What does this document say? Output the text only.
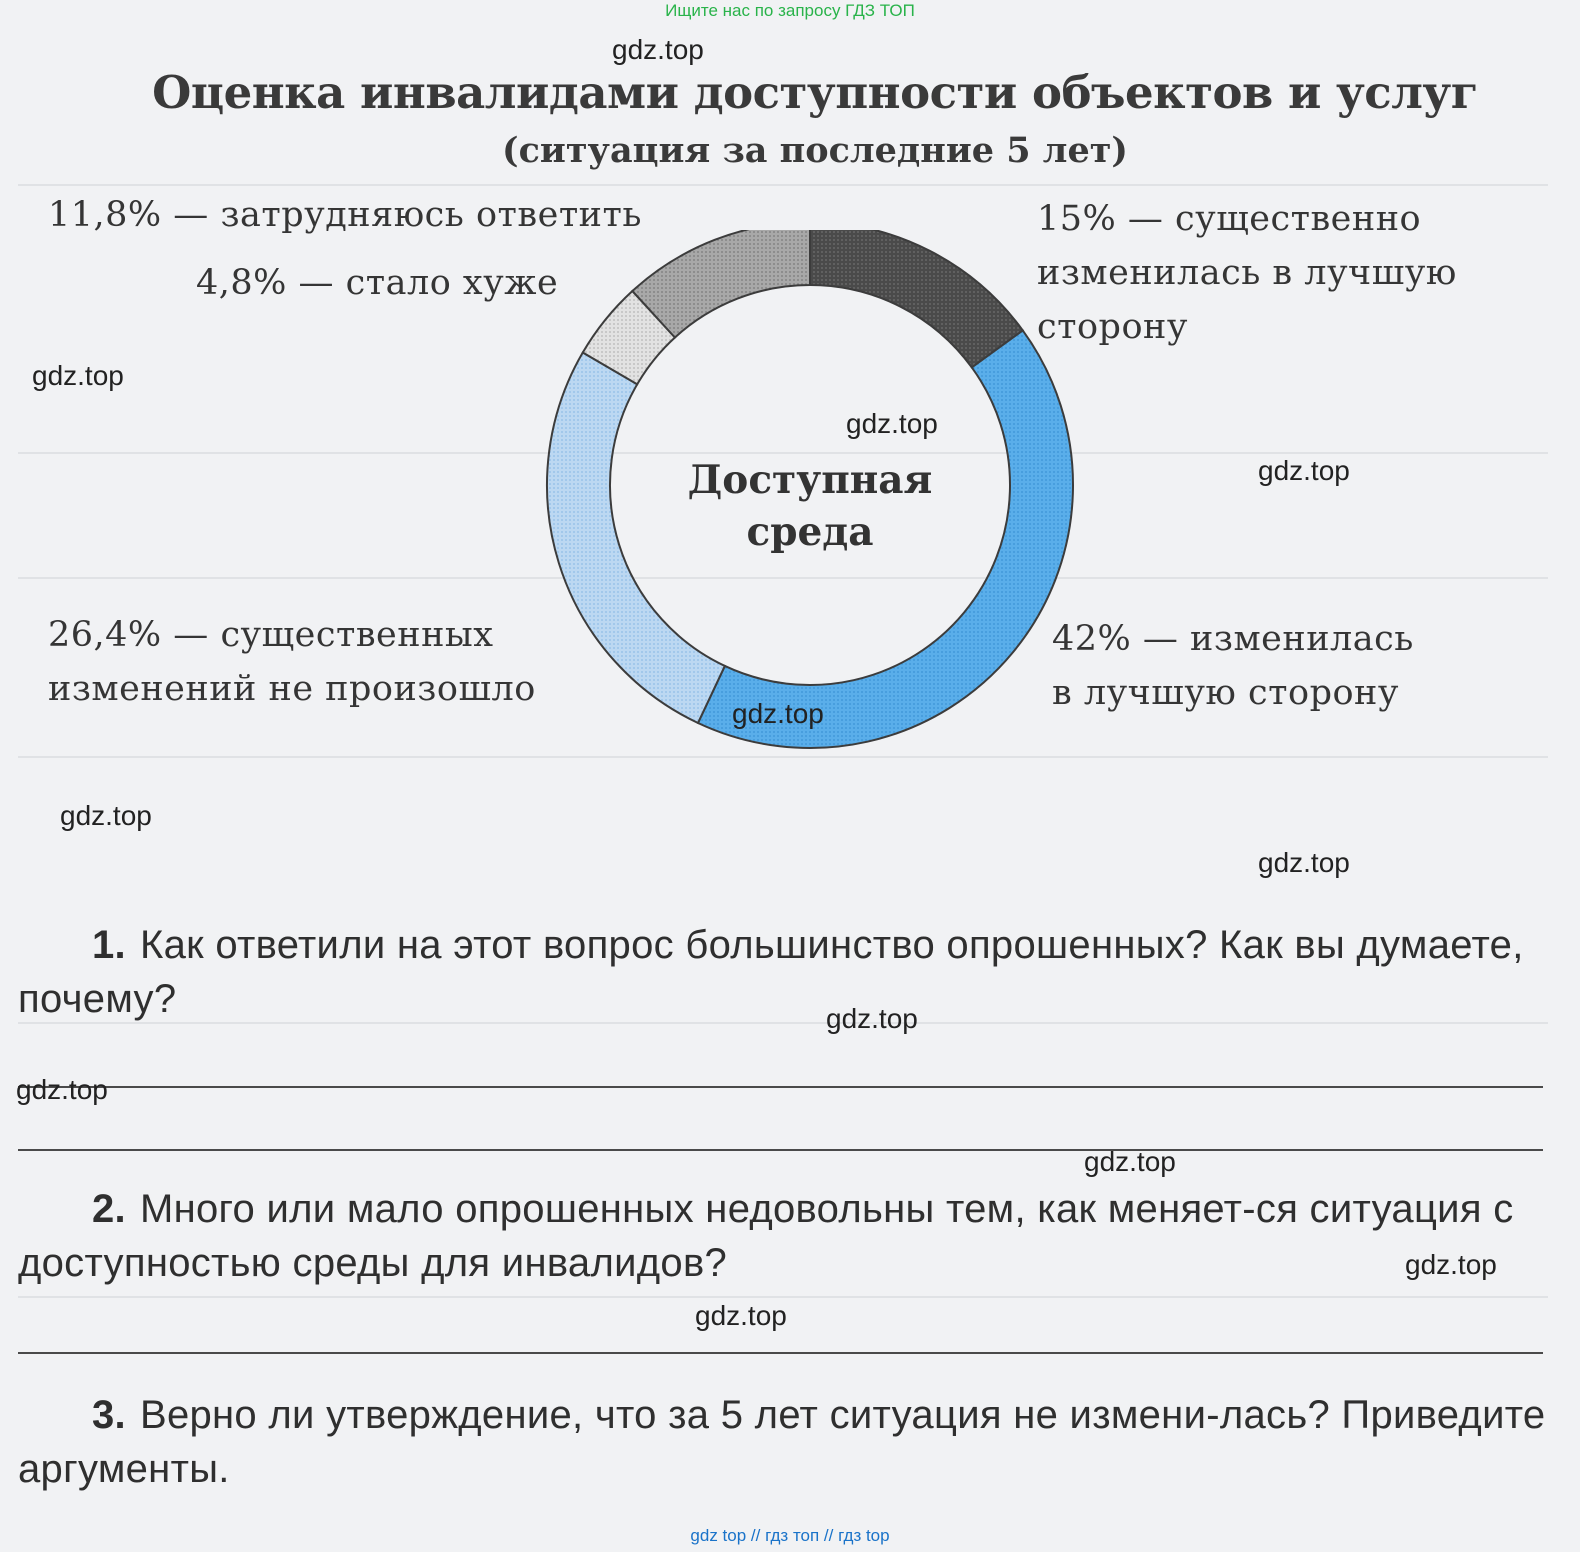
Ищите нас по запросу ГДЗ ТОП
Оценка инвалидами доступности объектов и услуг
(ситуация за последние 5 лет)
Доступная
среда
15% — существенно
изменилась в лучшую
сторону
42% — изменилась
в лучшую сторону
26,4% — существенных
изменений не произошло
4,8% — стало хуже
11,8% — затрудняюсь ответить
1. Как ответили на этот вопрос большинство опрошенных? Как вы думаете, почему?
2. Много или мало опрошенных недовольны тем, как меняет-ся ситуация с доступностью среды для инвалидов?
3. Верно ли утверждение, что за 5 лет ситуация не измени-лась? Приведите аргументы.
gdz.top
gdz.top
gdz.top
gdz.top
gdz.top
gdz.top
gdz.top
gdz.top
gdz.top
gdz.top
gdz.top
gdz.top
gdz top // гдз топ // гдз top
